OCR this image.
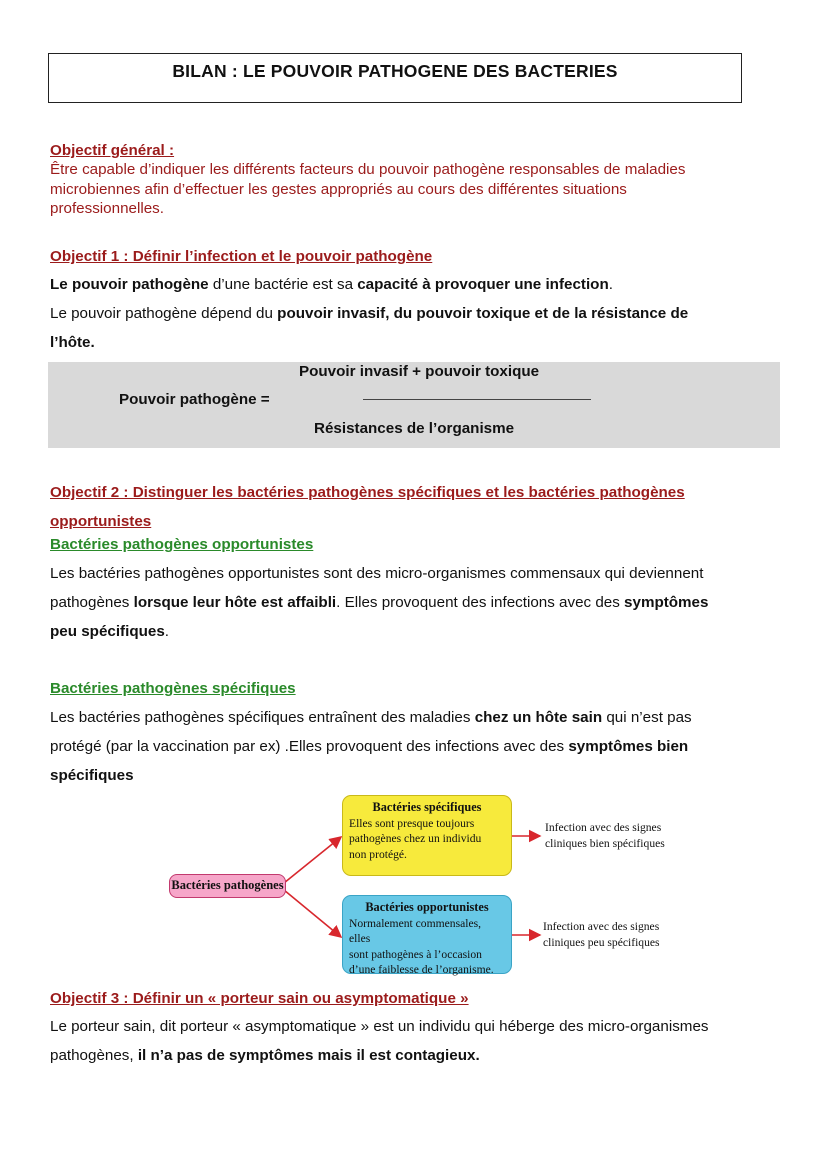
BILAN : LE POUVOIR PATHOGENE DES BACTERIES
Objectif général :
Être capable d’indiquer les différents facteurs du pouvoir pathogène responsables de maladies
microbiennes afin d’effectuer les gestes appropriés au cours des différentes situations
professionnelles.
Objectif 1 : Définir l’infection et le pouvoir pathogène
Le pouvoir pathogène d’une bactérie est sa capacité à provoquer une infection.
Le pouvoir pathogène dépend du pouvoir invasif, du pouvoir toxique et de la résistance de
l’hôte.
Pouvoir pathogène =
Pouvoir invasif + pouvoir toxique
Résistances de l’organisme
Objectif 2 : Distinguer les bactéries pathogènes spécifiques et les bactéries pathogènes
opportunistes
Bactéries pathogènes opportunistes
Les bactéries pathogènes opportunistes sont des micro-organismes commensaux qui deviennent
pathogènes lorsque leur hôte est affaibli. Elles provoquent des infections avec des symptômes
peu spécifiques.
Bactéries pathogènes spécifiques
Les bactéries pathogènes spécifiques entraînent des maladies chez un hôte sain qui n’est pas
protégé (par la vaccination par ex) .Elles provoquent des infections avec des symptômes bien
spécifiques
Bactéries pathogènes
Bactéries spécifiques
Elles sont presque toujours
pathogènes chez un individu
non protégé.
Bactéries opportunistes
Normalement commensales, elles
sont pathogènes à l’occasion
d’une faiblesse de l’organisme.
Infection avec des signes
cliniques bien spécifiques
Infection avec des signes
cliniques peu spécifiques
Objectif 3 : Définir un « porteur sain ou asymptomatique »
Le porteur sain, dit porteur « asymptomatique » est un individu qui héberge des micro-organismes
pathogènes, il n’a pas de symptômes mais il est contagieux.
